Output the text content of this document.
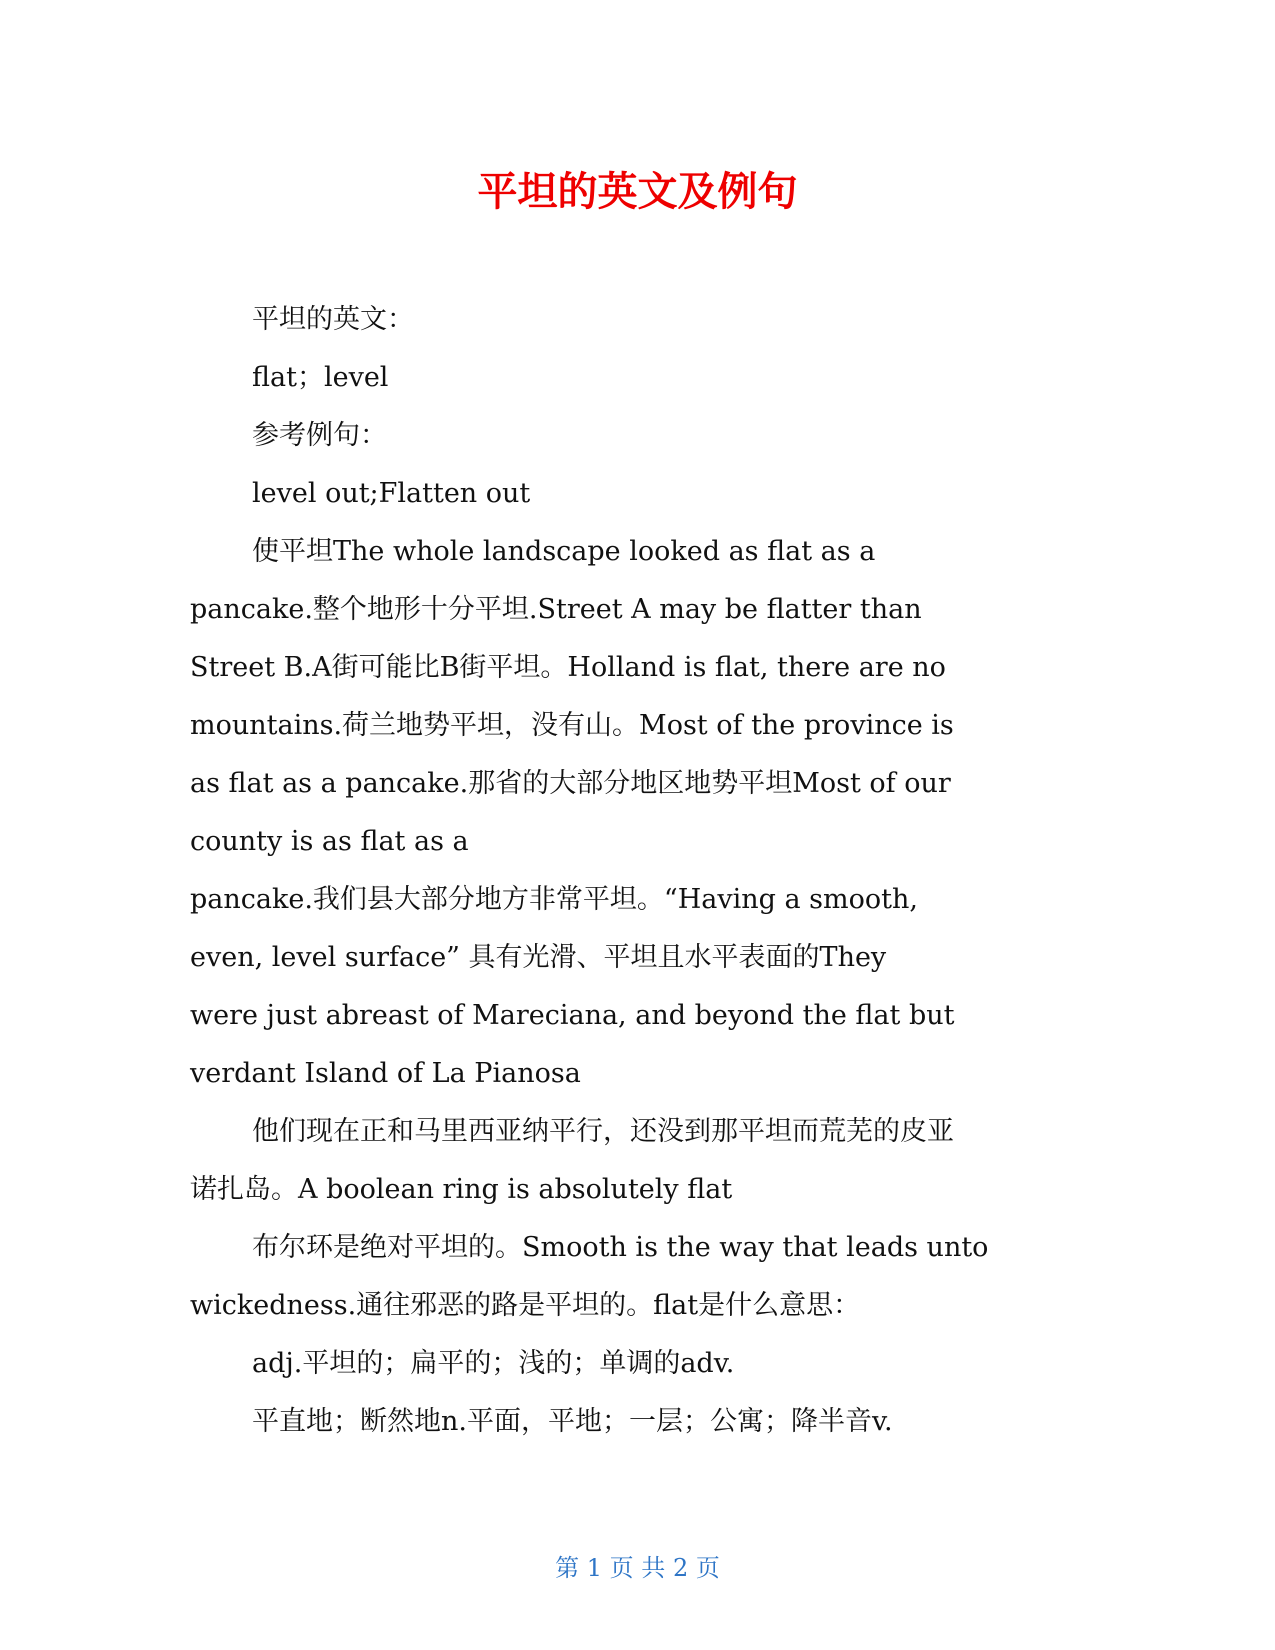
平坦的英文及例句
平坦的英文：
flat；level
参考例句：
level out;Flatten out
使平坦The whole landscape looked as flat as a
pancake.整个地形十分平坦.Street A may be flatter than
Street B.A街可能比B街平坦。Holland is flat, there are no
mountains.荷兰地势平坦，没有山。Most of the province is
as flat as a pancake.那省的大部分地区地势平坦Most of our
county is as flat as a
pancake.我们县大部分地方非常平坦。“Having a smooth,
even, level surface” 具有光滑、平坦且水平表面的They
were just abreast of Mareciana, and beyond the flat but
verdant Island of La Pianosa
他们现在正和马里西亚纳平行，还没到那平坦而荒芜的皮亚
诺扎岛。A boolean ring is absolutely flat
布尔环是绝对平坦的。Smooth is the way that leads unto
wickedness.通往邪恶的路是平坦的。flat是什么意思：
adj.平坦的；扁平的；浅的；单调的adv.
平直地；断然地n.平面，平地；一层；公寓；降半音v.
第 1 页 共 2 页
